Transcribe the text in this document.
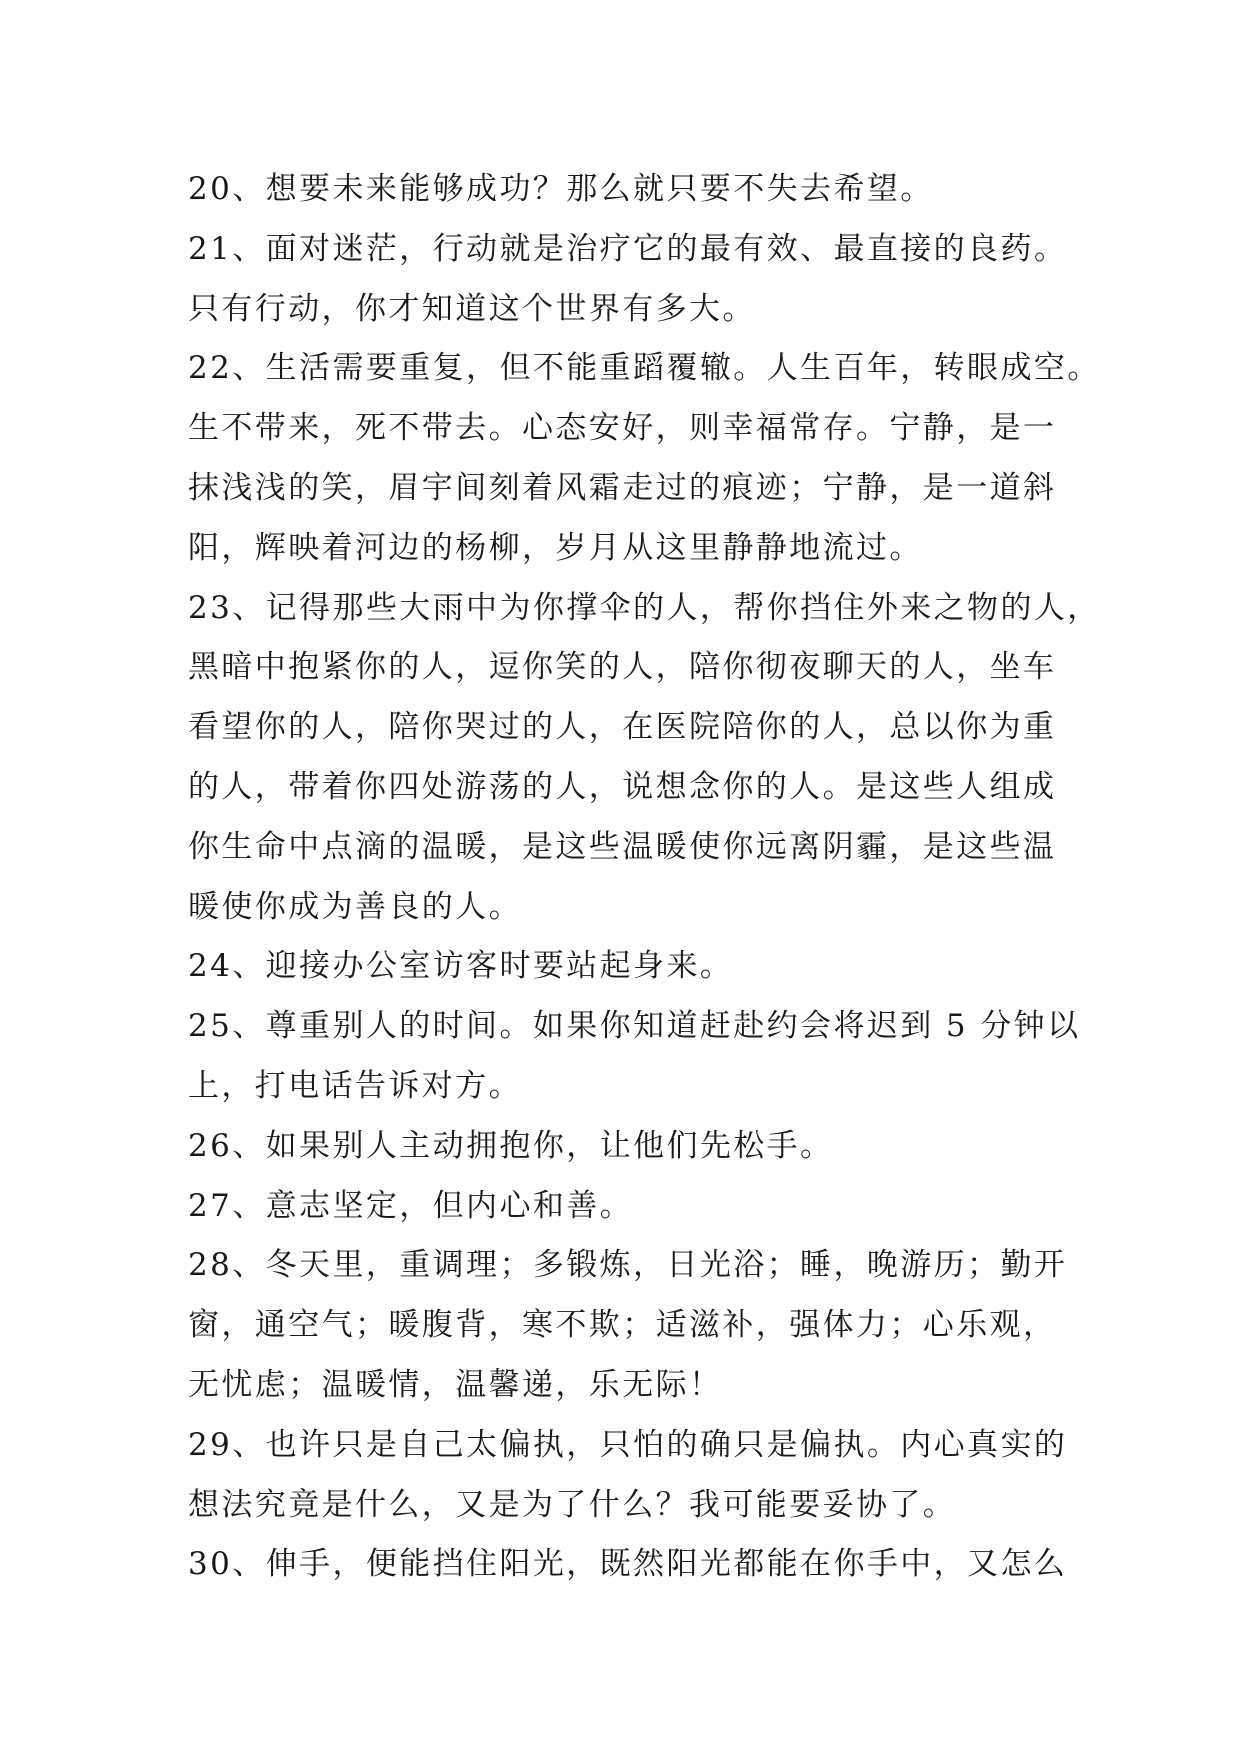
20、想要未来能够成功？那么就只要不失去希望。
21、面对迷茫，行动就是治疗它的最有效、最直接的良药。
只有行动，你才知道这个世界有多大。
22、生活需要重复，但不能重蹈覆辙。人生百年，转眼成空。
生不带来，死不带去。心态安好，则幸福常存。宁静，是一
抹浅浅的笑，眉宇间刻着风霜走过的痕迹；宁静，是一道斜
阳，辉映着河边的杨柳，岁月从这里静静地流过。
23、记得那些大雨中为你撑伞的人，帮你挡住外来之物的人，
黑暗中抱紧你的人，逗你笑的人，陪你彻夜聊天的人，坐车
看望你的人，陪你哭过的人，在医院陪你的人，总以你为重
的人，带着你四处游荡的人，说想念你的人。是这些人组成
你生命中点滴的温暖，是这些温暖使你远离阴霾，是这些温
暖使你成为善良的人。
24、迎接办公室访客时要站起身来。
25、尊重别人的时间。如果你知道赶赴约会将迟到 5 分钟以
上，打电话告诉对方。
26、如果别人主动拥抱你，让他们先松手。
27、意志坚定，但内心和善。
28、冬天里，重调理；多锻炼，日光浴；睡，晚游历；勤开
窗，通空气；暖腹背，寒不欺；适滋补，强体力；心乐观，
无忧虑；温暖情，温馨递，乐无际！
29、也许只是自己太偏执，只怕的确只是偏执。内心真实的
想法究竟是什么，又是为了什么？我可能要妥协了。
30、伸手，便能挡住阳光，既然阳光都能在你手中，又怎么
